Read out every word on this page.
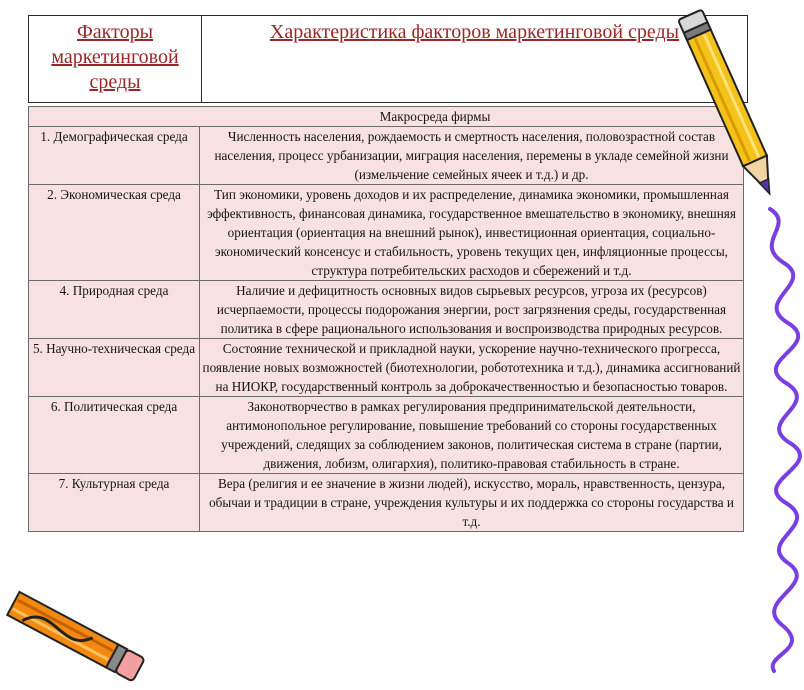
Факторы маркетинговой среды	Характеристика факторов маркетинговой среды
Макросреда фирмы	
1. Демографическая среда	Численность населения, рождаемость и смертность населения, половозрастной состав населения, процесс урбанизации, миграция населения, перемены в укладе семейной жизни (измельчение семейных ячеек и т.д.) и др.
2. Экономическая среда	Тип экономики, уровень доходов и их распределение, динамика экономики, промышленная эффективность, финансовая динамика, государственное вмешательство в экономику, внешняя ориентация (ориентация на внешний рынок), инвестиционная ориентация, социально-экономический консенсус и стабильность, уровень текущих цен, инфляционные процессы, структура потребительских расходов и сбережений и т.д.
4. Природная среда	Наличие и дефицитность основных видов сырьевых ресурсов, угроза их (ресурсов) исчерпаемости, процессы подорожания энергии, рост загрязнения среды, государственная политика в сфере рационального использования и воспроизводства природных ресурсов.
5. Научно-техническая среда	Состояние технической и прикладной науки, ускорение научно-технического прогресса, появление новых возможностей (биотехнологии, робототехника и т.д.), динамика ассигнований на НИОКР, государственный контроль за доброкачественностью и безопасностью товаров.
6. Политическая среда	Законотворчество в рамках регулирования предпринимательской деятельности, антимонопольное регулирование, повышение требований со стороны государственных учреждений, следящих за соблюдением законов, политическая система в стране (партии, движения, лобизм, олигархия), политико-правовая стабильность в стране.
7. Культурная среда	Вера (религия и ее значение в жизни людей), искусство, мораль, нравственность, цензура, обычаи и традиции в стране, учреждения культуры и их поддержка со стороны государства и т.д.
